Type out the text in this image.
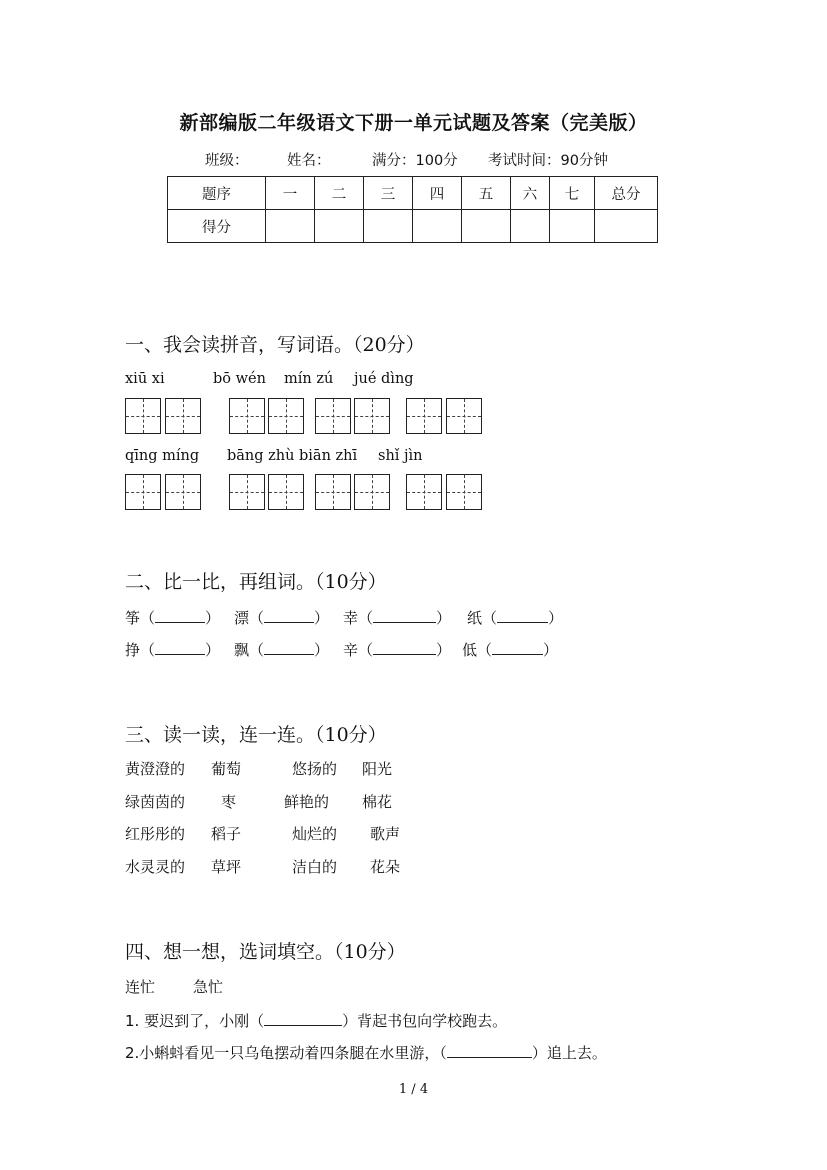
新部编版二年级语文下册一单元试题及答案（完美版）
班级：	姓名：	满分：100分 考试时间：90分钟
题序	一	二	三	四	五	六	七	总分
得分								
一、我会读拼音，写词语。（20分）
xiū xi	bō wén mín zú jué dìng
qīng míng bāng zhù biān zhī shǐ jìn
二、比一比，再组词。（10分）
筝（	） 漂（	） 幸（	） 纸（	）
挣（	） 飘（	） 辛（	） 低（	）
三、读一读，连一连。（10分）
黄澄澄的 葡萄	悠扬的 阳光
绿茵茵的 枣	鲜艳的 棉花
红彤彤的 稻子	灿烂的 歌声
水灵灵的 草坪	洁白的 花朵
四、想一想，选词填空。（10分）
连忙	急忙
1. 要迟到了，小刚（	）背起书包向学校跑去。
2.小蝌蚪看见一只乌龟摆动着四条腿在水里游，（	）追上去。
1 / 4
